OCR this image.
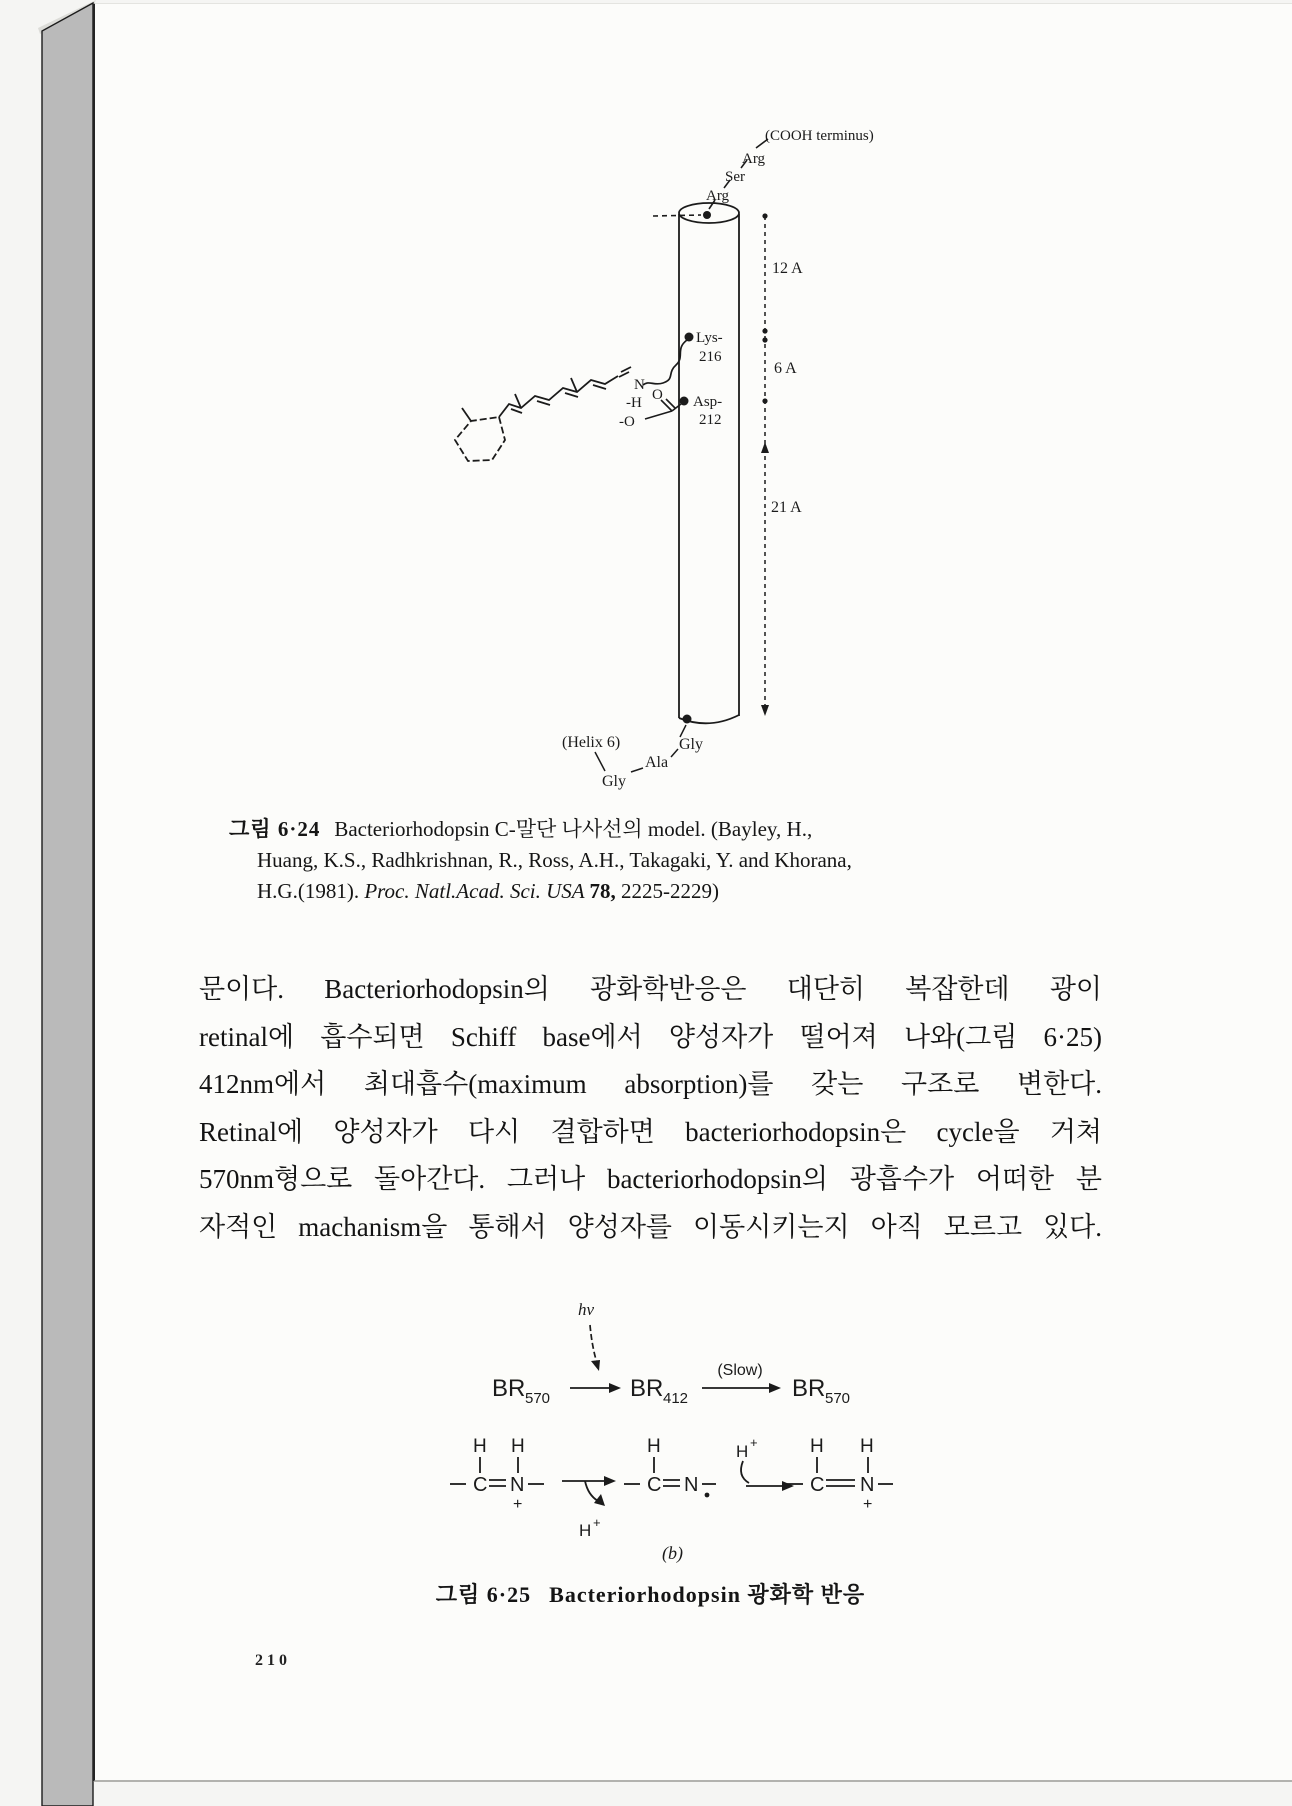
(COOH terminus)
Arg
Ser
Arg
12 A
6 A
21 A
Lys-
216
Asp-
212
N
-H O
-O
(Helix 6)	Gly
Ala
Gly
그림 6·24 Bacteriorhodopsin C-말단 나사선의 model. (Bayley, H.,
Huang, K.S., Radhkrishnan, R., Ross, A.H., Takagaki, Y. and Khorana,
H.G.(1981). Proc. Natl.Acad. Sci. USA 78, 2225-2229)
문이다. Bacteriorhodopsin의 광화학반응은 대단히 복잡한데 광이
retinal에 흡수되면 Schiff base에서 양성자가 떨어져 나와(그림 6·25)
412nm에서 최대흡수(maximum absorption)를 갖는 구조로 변한다.
Retinal에 양성자가 다시 결합하면 bacteriorhodopsin은 cycle을 거쳐
570nm형으로 돌아간다. 그러나 bacteriorhodopsin의 광흡수가 어떠한 분
자적인 machanism을 통해서 양성자를 이동시키는지 아직 모르고 있다.
hν
BR 570	BR 412
(Slow)
BR 570
H H
C N
+
H +
H
C N
H +	H H
C N
+
(b)
그림 6·25 Bacteriorhodopsin 광화학 반응
210
